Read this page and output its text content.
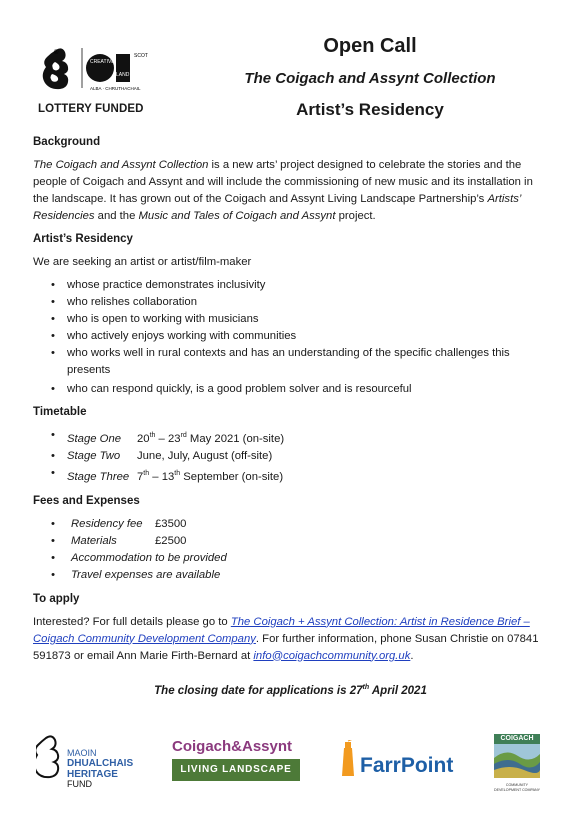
®
CREATIVE
SCOT
LAND
ALBA · CHRUTHACHAIL
LOTTERY FUNDED
Open Call
The Coigach and Assynt Collection
Artist’s Residency
Background

The Coigach and Assynt Collection is a new arts’ project designed to celebrate the stories and the people of Coigach and Assynt and will include the commissioning of new music and its installation in the landscape. It has grown out of the Coigach and Assynt Living Landscape Partnership’s Artists’ Residencies and the Music and Tales of Coigach and Assynt project.

Artist’s Residency

We are seeking an artist or artist/film-maker

• whose practice demonstrates inclusivity
• who relishes collaboration
• who is open to working with musicians
• who actively enjoys working with communities
• who works well in rural contexts and has an understanding of the specific challenges this presents
• who can respond quickly, is a good problem solver and is resourceful
Timetable
• Stage One 20th – 23rd May 2021 (on-site)
• Stage Two June, July, August (off-site)
• Stage Three 7th – 13th September (on-site)
Fees and Expenses
• Residency fee £3500
• Materials	£2500
• Accommodation to be provided
• Travel expenses are available
To apply

Interested? For full details please go to The Coigach + Assynt Collection: Artist in Residence Brief – Coigach Community Development Company. For further information, phone Susan Christie on 07841 591873 or email Ann Marie Firth-Bernard at info@coigachcommunity.org.uk.

The closing date for applications is 27th April 2021

MAOIN
DHUALCHAIS
HERITAGE
FUND
Coigach&Assynt
LIVING LANDSCAPE	FarrPoint
COIGACH
COMMUNITY DEVELOPMENT COMPANY
